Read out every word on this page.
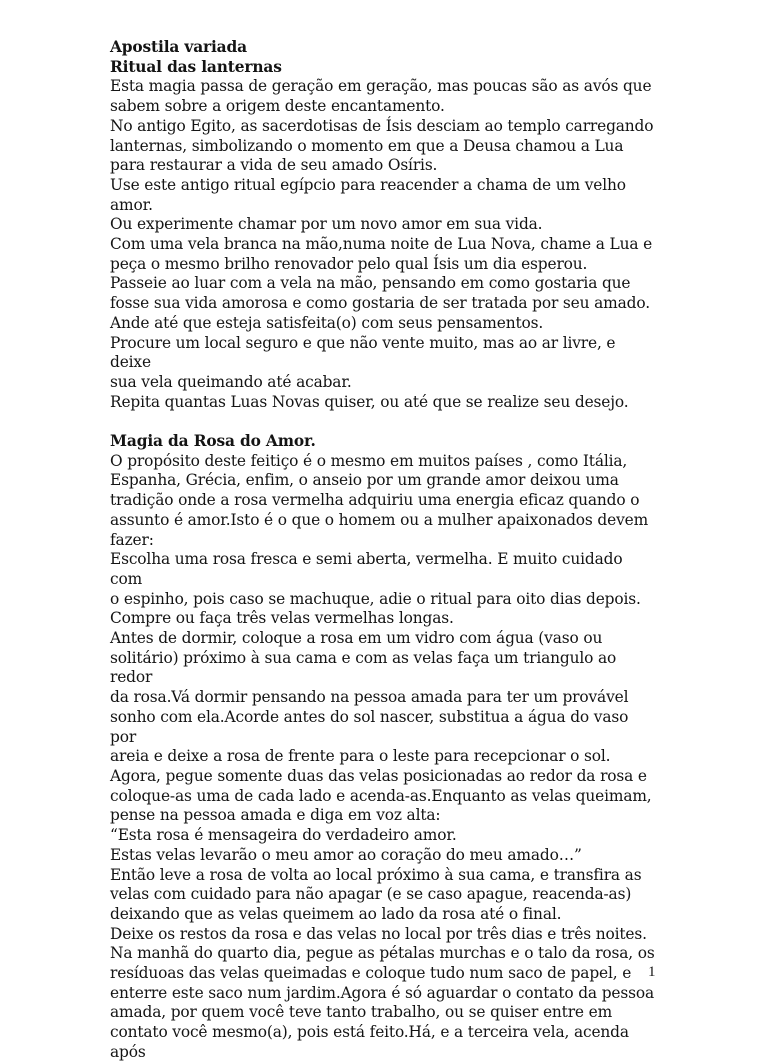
Apostila variada

Ritual das lanternas

Esta magia passa de geração em geração, mas poucas são as avós que

sabem sobre a origem deste encantamento.

No antigo Egito, as sacerdotisas de Ísis desciam ao templo carregando

lanternas, simbolizando o momento em que a Deusa chamou a Lua

para restaurar a vida de seu amado Osíris.

Use este antigo ritual egípcio para reacender a chama de um velho

amor.

Ou experimente chamar por um novo amor em sua vida.

Com uma vela branca na mão,numa noite de Lua Nova, chame a Lua e

peça o mesmo brilho renovador pelo qual Ísis um dia esperou.

Passeie ao luar com a vela na mão, pensando em como gostaria que

fosse sua vida amorosa e como gostaria de ser tratada por seu amado.

Ande até que esteja satisfeita(o) com seus pensamentos.

Procure um local seguro e que não vente muito, mas ao ar livre, e deixe

sua vela queimando até acabar.

Repita quantas Luas Novas quiser, ou até que se realize seu desejo.

Magia da Rosa do Amor.

O propósito deste feitiço é o mesmo em muitos países , como Itália,

Espanha, Grécia, enfim, o anseio por um grande amor deixou uma

tradição onde a rosa vermelha adquiriu uma energia eficaz quando o

assunto é amor.Isto é o que o homem ou a mulher apaixonados devem

fazer:

Escolha uma rosa fresca e semi aberta, vermelha. E muito cuidado com

o espinho, pois caso se machuque, adie o ritual para oito dias depois.

Compre ou faça três velas vermelhas longas.

Antes de dormir, coloque a rosa em um vidro com água (vaso ou

solitário) próximo à sua cama e com as velas faça um triangulo ao redor

da rosa.Vá dormir pensando na pessoa amada para ter um provável

sonho com ela.Acorde antes do sol nascer, substitua a água do vaso por

areia e deixe a rosa de frente para o leste para recepcionar o sol.

Agora, pegue somente duas das velas posicionadas ao redor da rosa e

coloque-as uma de cada lado e acenda-as.Enquanto as velas queimam,

pense na pessoa amada e diga em voz alta:

“Esta rosa é mensageira do verdadeiro amor.

Estas velas levarão o meu amor ao coração do meu amado…”

Então leve a rosa de volta ao local próximo à sua cama, e transfira as

velas com cuidado para não apagar (e se caso apague, reacenda-as)

deixando que as velas queimem ao lado da rosa até o final.

Deixe os restos da rosa e das velas no local por três dias e três noites.

Na manhã do quarto dia, pegue as pétalas murchas e o talo da rosa, os

resíduoas das velas queimadas e coloque tudo num saco de papel, e

enterre este saco num jardim.Agora é só aguardar o contato da pessoa

amada, por quem você teve tanto trabalho, ou se quiser entre em

contato você mesmo(a), pois está feito.Há, e a terceira vela, acenda após

1
